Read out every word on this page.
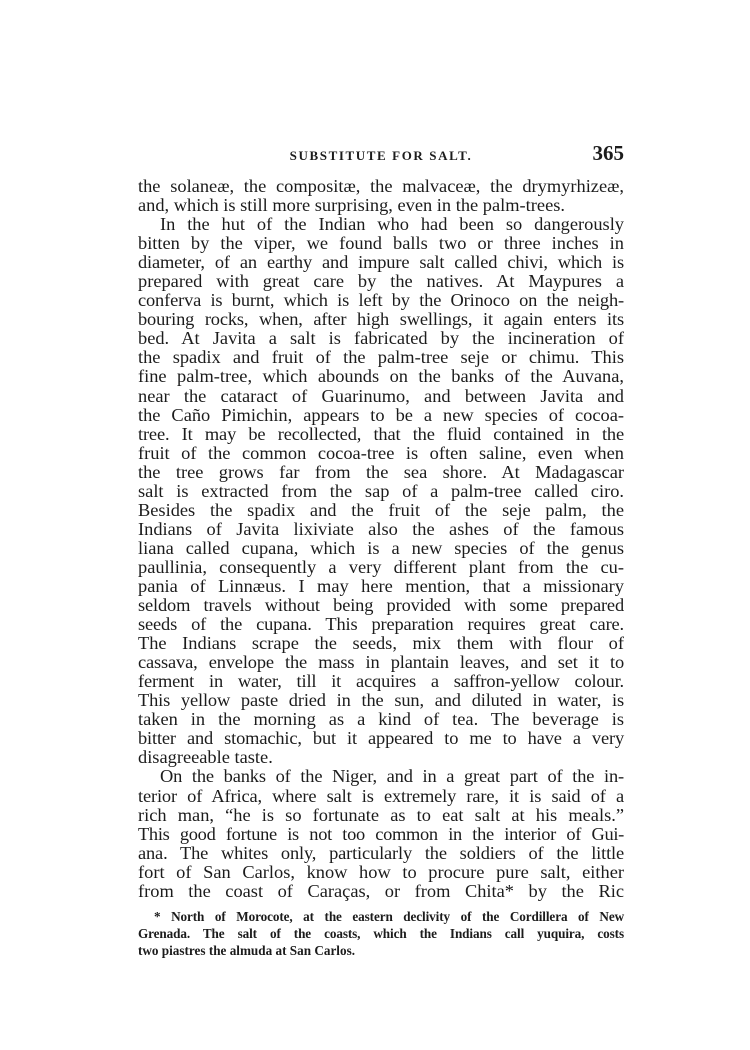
SUBSTITUTE FOR SALT.	365
the solaneæ, the compositæ, the malvaceæ, the drymyrhizeæ,
and, which is still more surprising, even in the palm-trees.
In the hut of the Indian who had been so dangerously
bitten by the viper, we found balls two or three inches in
diameter, of an earthy and impure salt called chivi, which is
prepared with great care by the natives. At Maypures a
conferva is burnt, which is left by the Orinoco on the neigh-
bouring rocks, when, after high swellings, it again enters its
bed. At Javita a salt is fabricated by the incineration of
the spadix and fruit of the palm-tree seje or chimu. This
fine palm-tree, which abounds on the banks of the Auvana,
near the cataract of Guarinumo, and between Javita and
the Caño Pimichin, appears to be a new species of cocoa-
tree. It may be recollected, that the fluid contained in the
fruit of the common cocoa-tree is often saline, even when
the tree grows far from the sea shore. At Madagascar
salt is extracted from the sap of a palm-tree called ciro.
Besides the spadix and the fruit of the seje palm, the
Indians of Javita lixiviate also the ashes of the famous
liana called cupana, which is a new species of the genus
paullinia, consequently a very different plant from the cu-
pania of Linnæus. I may here mention, that a missionary
seldom travels without being provided with some prepared
seeds of the cupana. This preparation requires great care.
The Indians scrape the seeds, mix them with flour of
cassava, envelope the mass in plantain leaves, and set it to
ferment in water, till it acquires a saffron-yellow colour.
This yellow paste dried in the sun, and diluted in water, is
taken in the morning as a kind of tea. The beverage is
bitter and stomachic, but it appeared to me to have a very
disagreeable taste.
On the banks of the Niger, and in a great part of the in-
terior of Africa, where salt is extremely rare, it is said of a
rich man, “he is so fortunate as to eat salt at his meals.”
This good fortune is not too common in the interior of Gui-
ana. The whites only, particularly the soldiers of the little
fort of San Carlos, know how to procure pure salt, either
from the coast of Caraças, or from Chita* by the Ric
* North of Morocote, at the eastern declivity of the Cordillera of New
Grenada. The salt of the coasts, which the Indians call yuquira, costs
two piastres the almuda at San Carlos.
